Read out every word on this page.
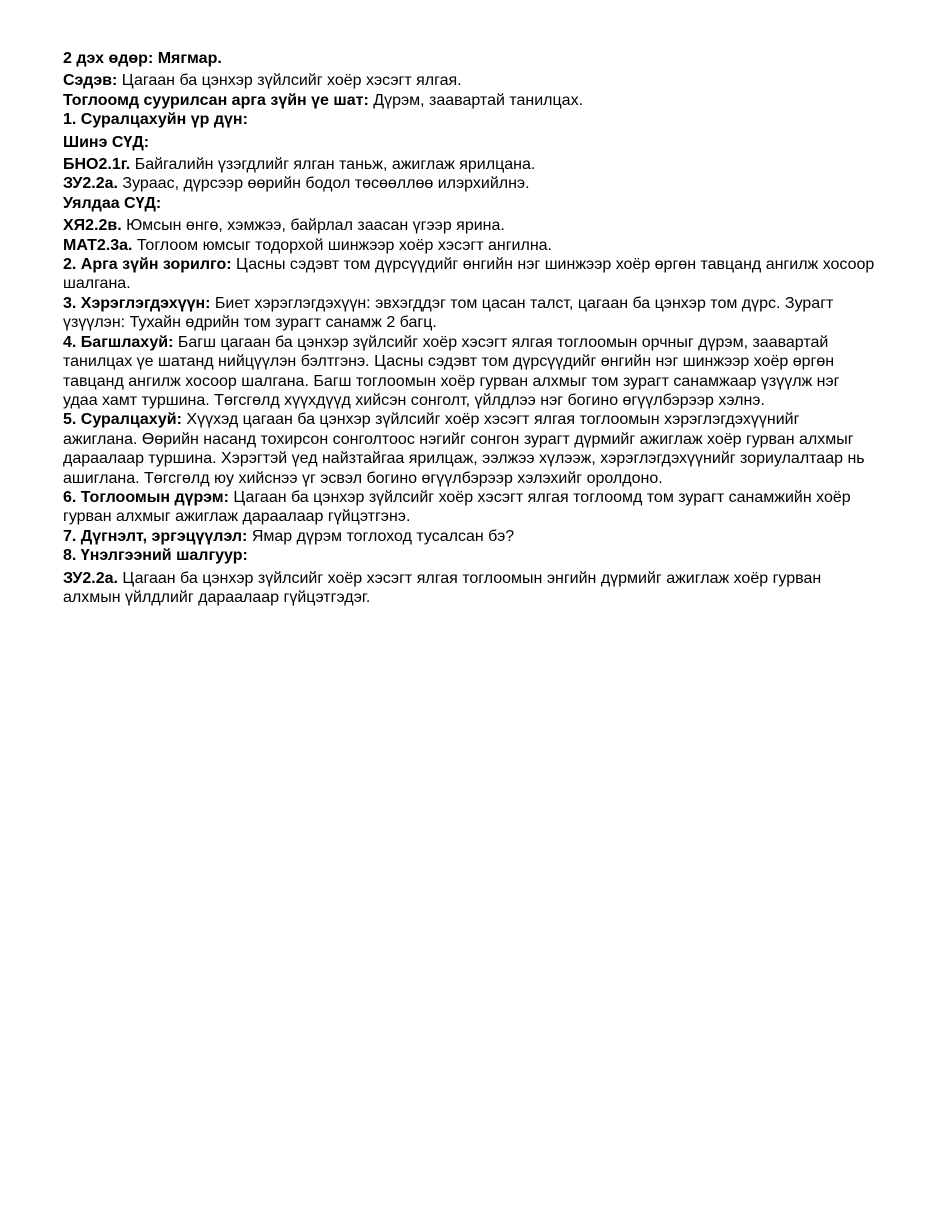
2 дэх өдөр: Мягмар.

Сэдэв: Цагаан ба цэнхэр зүйлсийг хоёр хэсэгт ялгая.

Тоглоомд суурилсан арга зүйн үе шат: Дүрэм, заавартай танилцах.

1. Суралцахуйн үр дүн:

Шинэ СҮД:

БНО2.1г. Байгалийн үзэгдлийг ялган таньж, ажиглаж ярилцана.

ЗУ2.2а. Зураас, дүрсээр өөрийн бодол төсөөллөө илэрхийлнэ.

Уялдаа СҮД:

ХЯ2.2в. Юмсын өнгө, хэмжээ, байрлал заасан үгээр ярина.

МАТ2.3а. Тоглоом юмсыг тодорхой шинжээр хоёр хэсэгт ангилна.

2. Арга зүйн зорилго: Цасны сэдэвт том дүрсүүдийг өнгийн нэг шинжээр хоёр өргөн тавцанд ангилж хосоор шалгана.

3. Хэрэглэгдэхүүн: Биет хэрэглэгдэхүүн: эвхэгддэг том цасан талст, цагаан ба цэнхэр том дүрс. Зурагт үзүүлэн: Тухайн өдрийн том зурагт санамж 2 багц.

4. Багшлахуй: Багш цагаан ба цэнхэр зүйлсийг хоёр хэсэгт ялгая тоглоомын орчныг дүрэм, заавартай танилцах үе шатанд нийцүүлэн бэлтгэнэ. Цасны сэдэвт том дүрсүүдийг өнгийн нэг шинжээр хоёр өргөн тавцанд ангилж хосоор шалгана. Багш тоглоомын хоёр гурван алхмыг том зурагт санамжаар үзүүлж нэг удаа хамт туршина. Төгсгөлд хүүхдүүд хийсэн сонголт, үйлдлээ нэг богино өгүүлбэрээр хэлнэ.

5. Суралцахуй: Хүүхэд цагаан ба цэнхэр зүйлсийг хоёр хэсэгт ялгая тоглоомын хэрэглэгдэхүүнийг ажиглана. Өөрийн насанд тохирсон сонголтоос нэгийг сонгон зурагт дүрмийг ажиглаж хоёр гурван алхмыг дараалаар туршина. Хэрэгтэй үед найзтайгаа ярилцаж, ээлжээ хүлээж, хэрэглэгдэхүүнийг зориулалтаар нь ашиглана. Төгсгөлд юу хийснээ үг эсвэл богино өгүүлбэрээр хэлэхийг оролдоно.

6. Тоглоомын дүрэм: Цагаан ба цэнхэр зүйлсийг хоёр хэсэгт ялгая тоглоомд том зурагт санамжийн хоёр гурван алхмыг ажиглаж дараалаар гүйцэтгэнэ.

7. Дүгнэлт, эргэцүүлэл: Ямар дүрэм тоглоход тусалсан бэ?

8. Үнэлгээний шалгуур:

ЗУ2.2а. Цагаан ба цэнхэр зүйлсийг хоёр хэсэгт ялгая тоглоомын энгийн дүрмийг ажиглаж хоёр гурван алхмын үйлдлийг дараалаар гүйцэтгэдэг.
